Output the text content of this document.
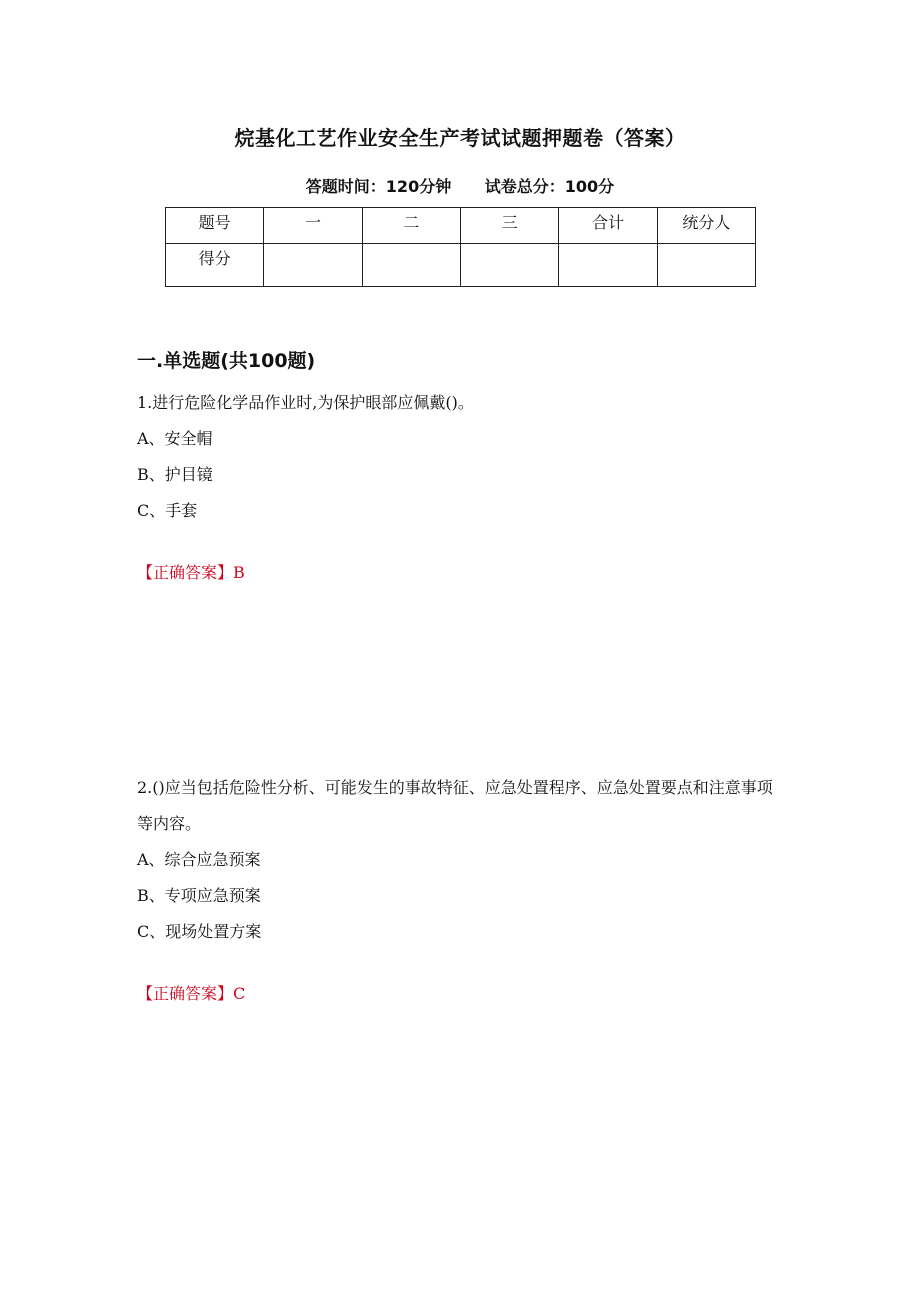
烷基化工艺作业安全生产考试试题押题卷（答案）
答题时间：120分钟 试卷总分：100分
题号	一	二	三	合计	统分人
得分					
一.单选题(共100题)

1.进行危险化学品作业时,为保护眼部应佩戴()。

A、安全帽

B、护目镜

C、手套

【正确答案】B

2.()应当包括危险性分析、可能发生的事故特征、应急处置程序、应急处置要点和注意事项等内容。

A、综合应急预案

B、专项应急预案

C、现场处置方案

【正确答案】C
